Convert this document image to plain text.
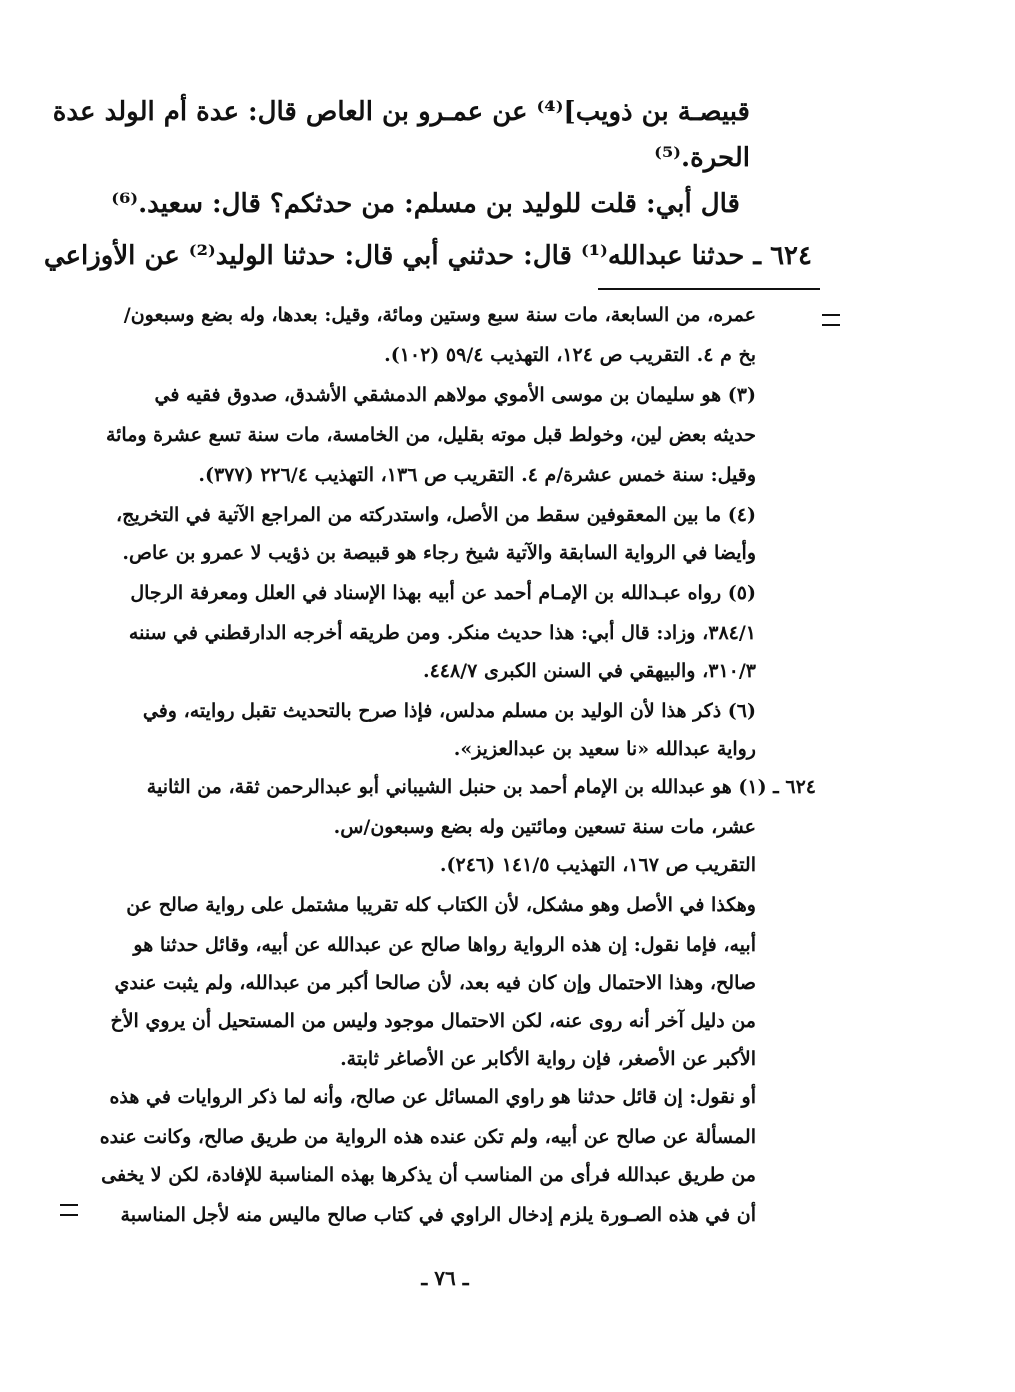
قبيصـة بن ذويب]⁽⁴⁾ عن عمـرو بن العاص قال: عدة أم الولد عدة
الحرة.⁽⁵⁾
قال أبي: قلت للوليد بن مسلم: من حدثكم؟ قال: سعيد.⁽⁶⁾
٦٢٤ ـ حدثنا عبدالله⁽¹⁾ قال: حدثني أبي قال: حدثنا الوليد⁽²⁾ عن الأوزاعي
عمره، من السابعة، مات سنة سبع وستين ومائة، وقيل: بعدها، وله بضع وسبعون/
بخ م ٤. التقريب ص ١٢٤، التهذيب ٥٩/٤ (١٠٢).
(٣) هو سليمان بن موسى الأموي مولاهم الدمشقي الأشدق، صدوق فقيه في
حديثه بعض لين، وخولط قبل موته بقليل، من الخامسة، مات سنة تسع عشرة ومائة
وقيل: سنة خمس عشرة/م ٤. التقريب ص ١٣٦، التهذيب ٢٢٦/٤ (٣٧٧).
(٤) ما بين المعقوفين سقط من الأصل، واستدركته من المراجع الآتية في التخريج،
وأيضا في الرواية السابقة والآتية شيخ رجاء هو قبيصة بن ذؤيب لا عمرو بن عاص.
(٥) رواه عبـدالله بن الإمـام أحمد عن أبيه بهذا الإسناد في العلل ومعرفة الرجال
٣٨٤/١، وزاد: قال أبي: هذا حديث منكر. ومن طريقه أخرجه الدارقطني في سننه
٣١٠/٣، والبيهقي في السنن الكبرى ٤٤٨/٧.
(٦) ذكر هذا لأن الوليد بن مسلم مدلس، فإذا صرح بالتحديث تقبل روايته، وفي
رواية عبدالله «نا سعيد بن عبدالعزيز».
٦٢٤ ـ (١) هو عبدالله بن الإمام أحمد بن حنبل الشيباني أبو عبدالرحمن ثقة، من الثانية
عشر، مات سنة تسعين ومائتين وله بضع وسبعون/س.
التقريب ص ١٦٧، التهذيب ١٤١/٥ (٢٤٦).
وهكذا في الأصل وهو مشكل، لأن الكتاب كله تقريبا مشتمل على رواية صالح عن
أبيه، فإما نقول: إن هذه الرواية رواها صالح عن عبدالله عن أبيه، وقائل حدثنا هو
صالح، وهذا الاحتمال وإن كان فيه بعد، لأن صالحا أكبر من عبدالله، ولم يثبت عندي
من دليل آخر أنه روى عنه، لكن الاحتمال موجود وليس من المستحيل أن يروي الأخ
الأكبر عن الأصغر، فإن رواية الأكابر عن الأصاغر ثابتة.
أو نقول: إن قائل حدثنا هو راوي المسائل عن صالح، وأنه لما ذكر الروايات في هذه
المسألة عن صالح عن أبيه، ولم تكن عنده هذه الرواية من طريق صالح، وكانت عنده
من طريق عبدالله فرأى من المناسب أن يذكرها بهذه المناسبة للإفادة، لكن لا يخفى
أن في هذه الصـورة يلزم إدخال الراوي في كتاب صالح ماليس منه لأجل المناسبة
ـ ٧٦ ـ
